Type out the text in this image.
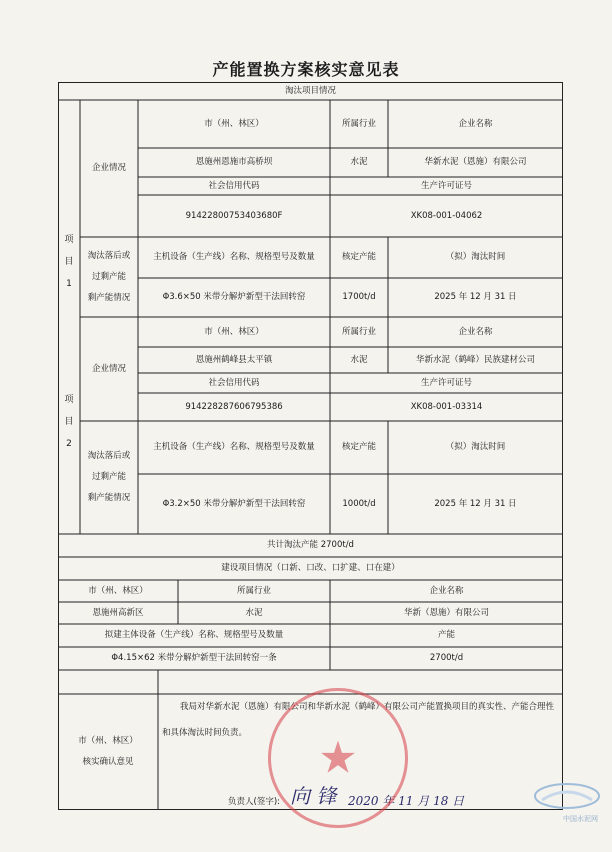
产能置换方案核实意见表
淘汰项目情况
项
目
1
企业情况
市（州、林区）	所属行业	企业名称
恩施州恩施市高桥坝	水泥	华新水泥（恩施）有限公司
社会信用代码	生产许可证号
914228007534036​80F	XK08-001-04062
淘汰落后或
过剩产能
剩产能情况
主机设备（生产线）名称、规格型号及数量	核定产能	（拟）淘汰时间
Φ3.6×50 米带分解炉新型干法回转窑	1700t/d	2025 年 12 月 31 日
项
目
2
企业情况
市（州、林区）	所属行业	企业名称
恩施州鹤峰县太平镇	水泥	华新水泥（鹤峰）民族建材公司
社会信用代码	生产许可证号
914228287606795386	XK08-001-03314
淘汰落后或
过剩产能
剩产能情况
主机设备（生产线）名称、规格型号及数量	核定产能	（拟）淘汰时间
Φ3.2×50 米带分解炉新型干法回转窑	1000t/d	2025 年 12 月 31 日
共计淘汰产能 2700t/d
建设项目情况（口新、口改、口扩建、口在建）
市（州、林区）	所属行业	企业名称
恩施州高新区	水泥	华新（恩施）有限公司
拟建主体设备（生产线）名称、规格型号及数量	产能
Φ4.15×62 米带分解炉新型干法回转窑一条	2700t/d
市（州、林区）
核实确认意见
我局对华新水泥（恩施）有限公司和华新水泥（鹤峰）有限公司产能置换项目的真实性、产能合理性和具体淘汰时间负责。
负责人(签字): 向 锋 2020 年 11 月 18 日
★
中国水泥网
